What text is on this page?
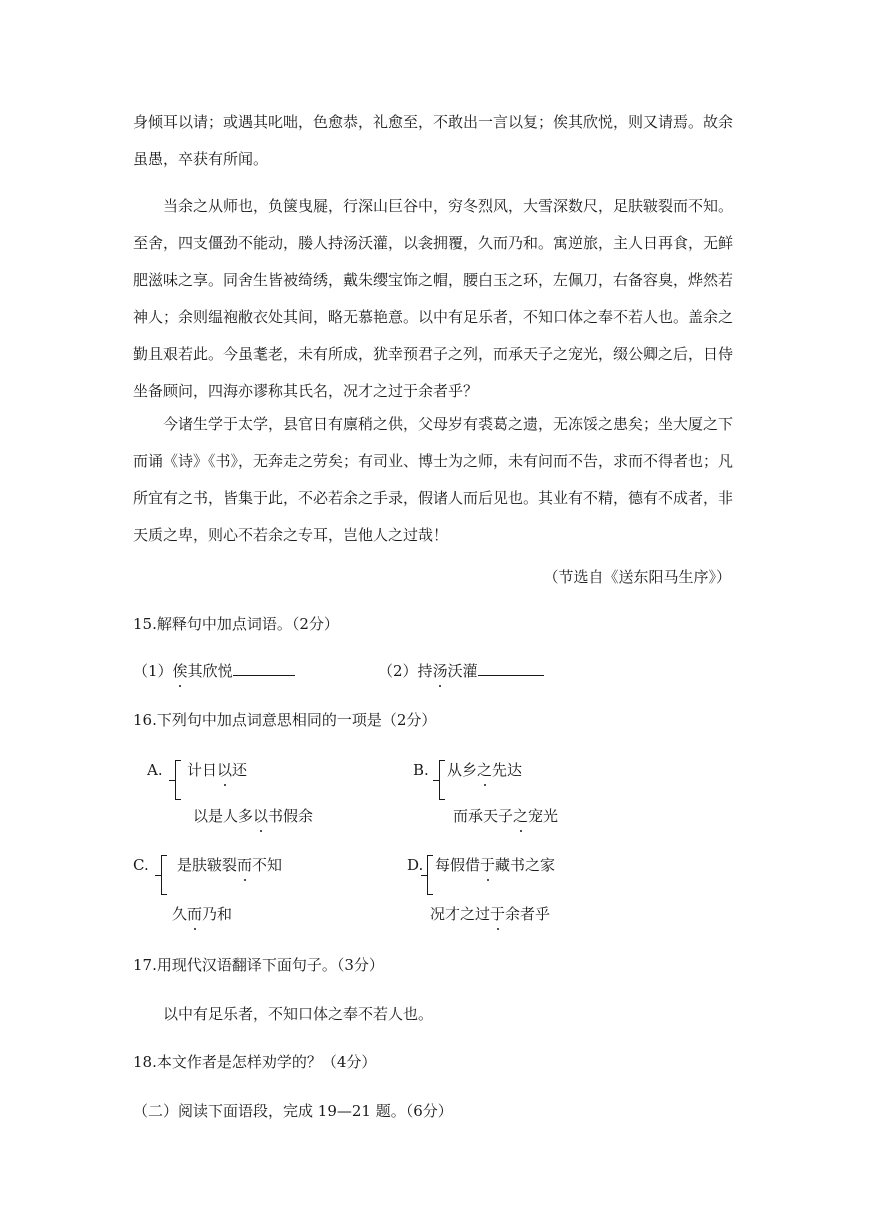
身倾耳以请；或遇其叱咄，色愈恭，礼愈至，不敢出一言以复；俟其欣悦，则又请焉。故余虽愚，卒获有所闻。

当余之从师也，负箧曳屣，行深山巨谷中，穷冬烈风，大雪深数尺，足肤皲裂而不知。至舍，四支僵劲不能动，媵人持汤沃灌，以衾拥覆，久而乃和。寓逆旅，主人日再食，无鲜肥滋味之享。同舍生皆被绮绣，戴朱缨宝饰之帽，腰白玉之环，左佩刀，右备容臭，烨然若神人；余则缊袍敝衣处其间，略无慕艳意。以中有足乐者，不知口体之奉不若人也。盖余之勤且艰若此。今虽耄老，未有所成，犹幸预君子之列，而承天子之宠光，缀公卿之后，日侍坐备顾问，四海亦谬称其氏名，况才之过于余者乎？

今诸生学于太学，县官日有廪稍之供，父母岁有裘葛之遗，无冻馁之患矣；坐大厦之下而诵《诗》《书》，无奔走之劳矣；有司业、博士为之师，未有问而不告，求而不得者也；凡所宜有之书，皆集于此，不必若余之手录，假诸人而后见也。其业有不精，德有不成者，非天质之卑，则心不若余之专耳，岂他人之过哉！

（节选自《送东阳马生序》）
15.解释句中加点词语。（2分）
（1）俟其欣悦	（2）持汤沃灌
16.下列句中加点词意思相同的一项是（2分）
A. 计日以还
以是人多以书假余
B. 从乡之先达
而承天子之宠光
C. 是肤皲裂而不知
久而乃和
D. 每假借于藏书之家
况才之过于余者乎
17.用现代汉语翻译下面句子。（3分）
以中有足乐者，不知口体之奉不若人也。
18.本文作者是怎样劝学的？（4分）
（二）阅读下面语段，完成 19—21 题。（6分）
